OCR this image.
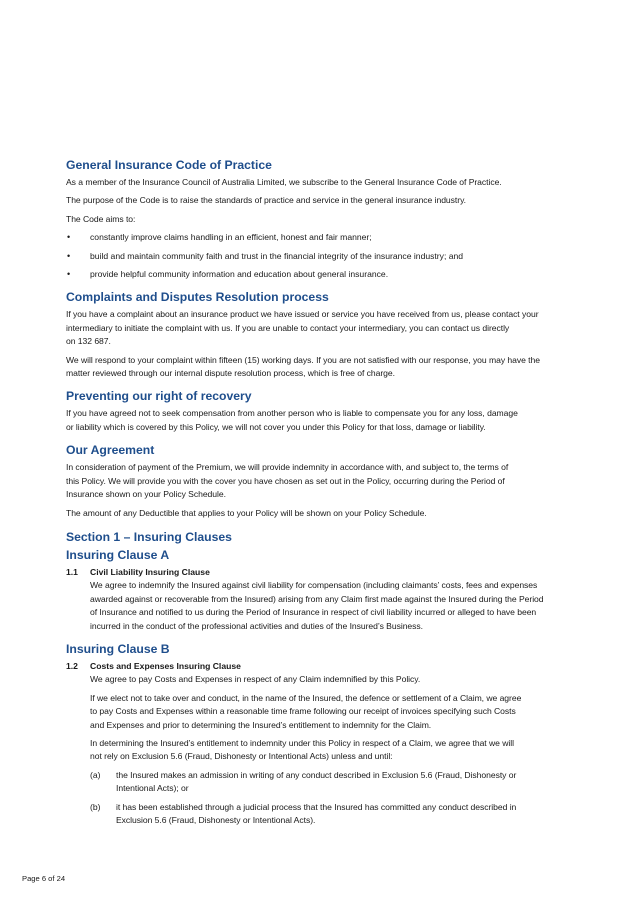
General Insurance Code of Practice

As a member of the Insurance Council of Australia Limited, we subscribe to the General Insurance Code of Practice.

The purpose of the Code is to raise the standards of practice and service in the general insurance industry.

The Code aims to:

• constantly improve claims handling in an efficient, honest and fair manner;
• build and maintain community faith and trust in the financial integrity of the insurance industry; and
• provide helpful community information and education about general insurance.
Complaints and Disputes Resolution process

If you have a complaint about an insurance product we have issued or service you have received from us, please contact your

intermediary to initiate the complaint with us. If you are unable to contact your intermediary, you can contact us directly

on 132 687.

We will respond to your complaint within fifteen (15) working days. If you are not satisfied with our response, you may have the

matter reviewed through our internal dispute resolution process, which is free of charge.

Preventing our right of recovery

If you have agreed not to seek compensation from another person who is liable to compensate you for any loss, damage

or liability which is covered by this Policy, we will not cover you under this Policy for that loss, damage or liability.

Our Agreement

In consideration of payment of the Premium, we will provide indemnity in accordance with, and subject to, the terms of

this Policy. We will provide you with the cover you have chosen as set out in the Policy, occurring during the Period of

Insurance shown on your Policy Schedule.

The amount of any Deductible that applies to your Policy will be shown on your Policy Schedule.

Section 1 – Insuring Clauses
Insuring Clause A
1.1 Civil Liability Insuring Clause

We agree to indemnify the Insured against civil liability for compensation (including claimants’ costs, fees and expenses

awarded against or recoverable from the Insured) arising from any Claim first made against the Insured during the Period

of Insurance and notified to us during the Period of Insurance in respect of civil liability incurred or alleged to have been

incurred in the conduct of the professional activities and duties of the Insured’s Business.

Insuring Clause B
1.2 Costs and Expenses Insuring Clause

We agree to pay Costs and Expenses in respect of any Claim indemnified by this Policy.

If we elect not to take over and conduct, in the name of the Insured, the defence or settlement of a Claim, we agree

to pay Costs and Expenses within a reasonable time frame following our receipt of invoices specifying such Costs

and Expenses and prior to determining the Insured’s entitlement to indemnity for the Claim.

In determining the Insured’s entitlement to indemnity under this Policy in respect of a Claim, we agree that we will

not rely on Exclusion 5.6 (Fraud, Dishonesty or Intentional Acts) unless and until:

(a) the Insured makes an admission in writing of any conduct described in Exclusion 5.6 (Fraud, Dishonesty or

Intentional Acts); or

(b) it has been established through a judicial process that the Insured has committed any conduct described in

Exclusion 5.6 (Fraud, Dishonesty or Intentional Acts).

Page 6 of 24
